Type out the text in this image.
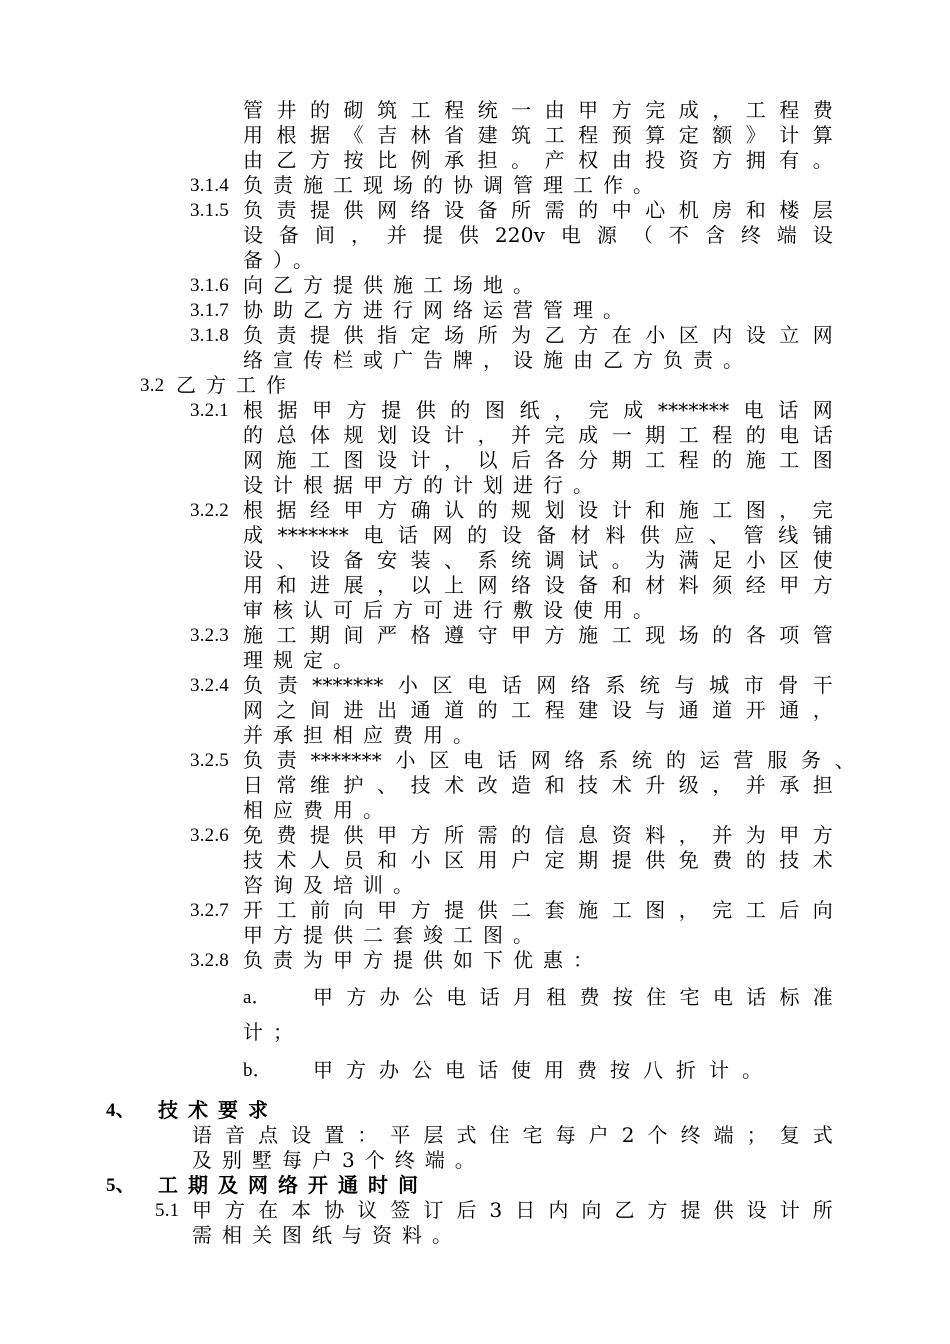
管井的砌筑工程统一由甲方完成，工程费
用根据《吉林省建筑工程预算定额》计算
由乙方按比例承担。产权由投资方拥有。
3.1.4 负责施工现场的协调管理工作。
3.1.5 负责提供网络设备所需的中心机房和楼层
设备间，并提供220v电源（不含终端设
备）。
3.1.6 向乙方提供施工场地。
3.1.7 协助乙方进行网络运营管理。
3.1.8 负责提供指定场所为乙方在小区内设立网
络宣传栏或广告牌，设施由乙方负责。
3.2 乙方工作
3.2.1 根据甲方提供的图纸，完成*******电话网
的总体规划设计，并完成一期工程的电话
网施工图设计，以后各分期工程的施工图
设计根据甲方的计划进行。
3.2.2 根据经甲方确认的规划设计和施工图，完
成*******电话网的设备材料供应、管线铺
设、设备安装、系统调试。为满足小区使
用和进展，以上网络设备和材料须经甲方
审核认可后方可进行敷设使用。
3.2.3 施工期间严格遵守甲方施工现场的各项管
理规定。
3.2.4 负责*******小区电话网络系统与城市骨干
网之间进出通道的工程建设与通道开通，
并承担相应费用。
3.2.5 负责*******小区电话网络系统的运营服务、
日常维护、技术改造和技术升级，并承担
相应费用。
3.2.6 免费提供甲方所需的信息资料，并为甲方
技术人员和小区用户定期提供免费的技术
咨询及培训。
3.2.7 开工前向甲方提供二套施工图，完工后向
甲方提供二套竣工图。
3.2.8 负责为甲方提供如下优惠：
a． 甲方办公电话月租费按住宅电话标准
计；
b． 甲方办公电话使用费按八折计。
4、 技术要求
语音点设置：平层式住宅每户2个终端；复式
及别墅每户3个终端。
5、 工期及网络开通时间
5.1 甲方在本协议签订后3日内向乙方提供设计所
需相关图纸与资料。
